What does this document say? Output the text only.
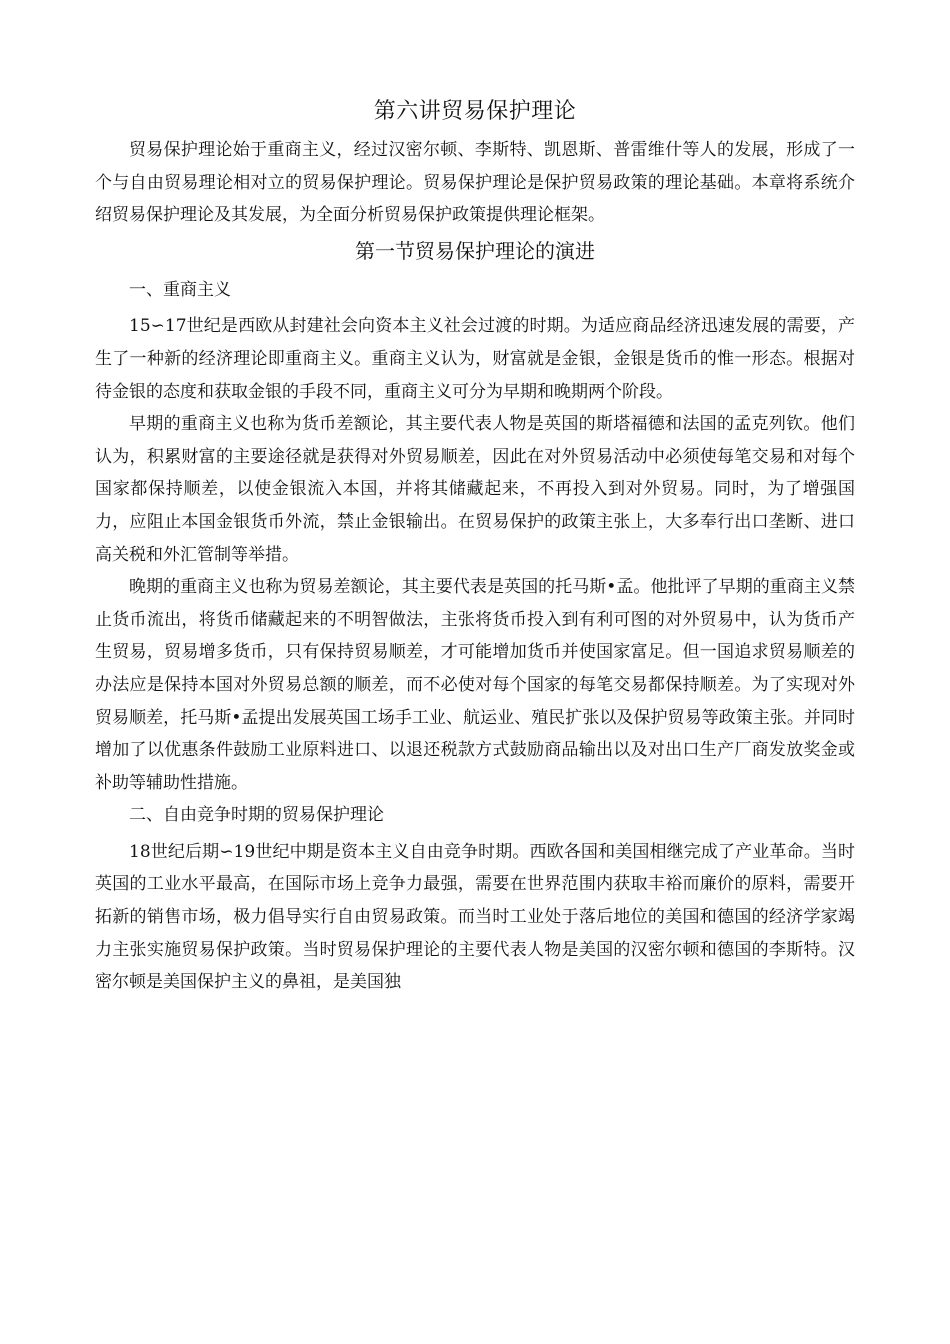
第六讲贸易保护理论

贸易保护理论始于重商主义，经过汉密尔顿、李斯特、凯恩斯、普雷维什等人的发展，形成了一个与自由贸易理论相对立的贸易保护理论。贸易保护理论是保护贸易政策的理论基础。本章将系统介绍贸易保护理论及其发展，为全面分析贸易保护政策提供理论框架。

第一节贸易保护理论的演进

一、重商主义

15∽17世纪是西欧从封建社会向资本主义社会过渡的时期。为适应商品经济迅速发展的需要，产生了一种新的经济理论即重商主义。重商主义认为，财富就是金银，金银是货币的惟一形态。根据对待金银的态度和获取金银的手段不同，重商主义可分为早期和晚期两个阶段。

早期的重商主义也称为货币差额论，其主要代表人物是英国的斯塔福德和法国的孟克列钦。他们认为，积累财富的主要途径就是获得对外贸易顺差，因此在对外贸易活动中必须使每笔交易和对每个国家都保持顺差，以使金银流入本国，并将其储藏起来，不再投入到对外贸易。同时，为了增强国力，应阻止本国金银货币外流，禁止金银输出。在贸易保护的政策主张上，大多奉行出口垄断、进口高关税和外汇管制等举措。

晚期的重商主义也称为贸易差额论，其主要代表是英国的托马斯•孟。他批评了早期的重商主义禁止货币流出，将货币储藏起来的不明智做法，主张将货币投入到有利可图的对外贸易中，认为货币产生贸易，贸易增多货币，只有保持贸易顺差，才可能增加货币并使国家富足。但一国追求贸易顺差的办法应是保持本国对外贸易总额的顺差，而不必使对每个国家的每笔交易都保持顺差。为了实现对外贸易顺差，托马斯•孟提出发展英国工场手工业、航运业、殖民扩张以及保护贸易等政策主张。并同时增加了以优惠条件鼓励工业原料进口、以退还税款方式鼓励商品输出以及对出口生产厂商发放奖金或补助等辅助性措施。

二、自由竞争时期的贸易保护理论

18世纪后期∽19世纪中期是资本主义自由竞争时期。西欧各国和美国相继完成了产业革命。当时英国的工业水平最高，在国际市场上竞争力最强，需要在世界范围内获取丰裕而廉价的原料，需要开拓新的销售市场，极力倡导实行自由贸易政策。而当时工业处于落后地位的美国和德国的经济学家竭力主张实施贸易保护政策。当时贸易保护理论的主要代表人物是美国的汉密尔顿和德国的李斯特。汉密尔顿是美国保护主义的鼻祖，是美国独
